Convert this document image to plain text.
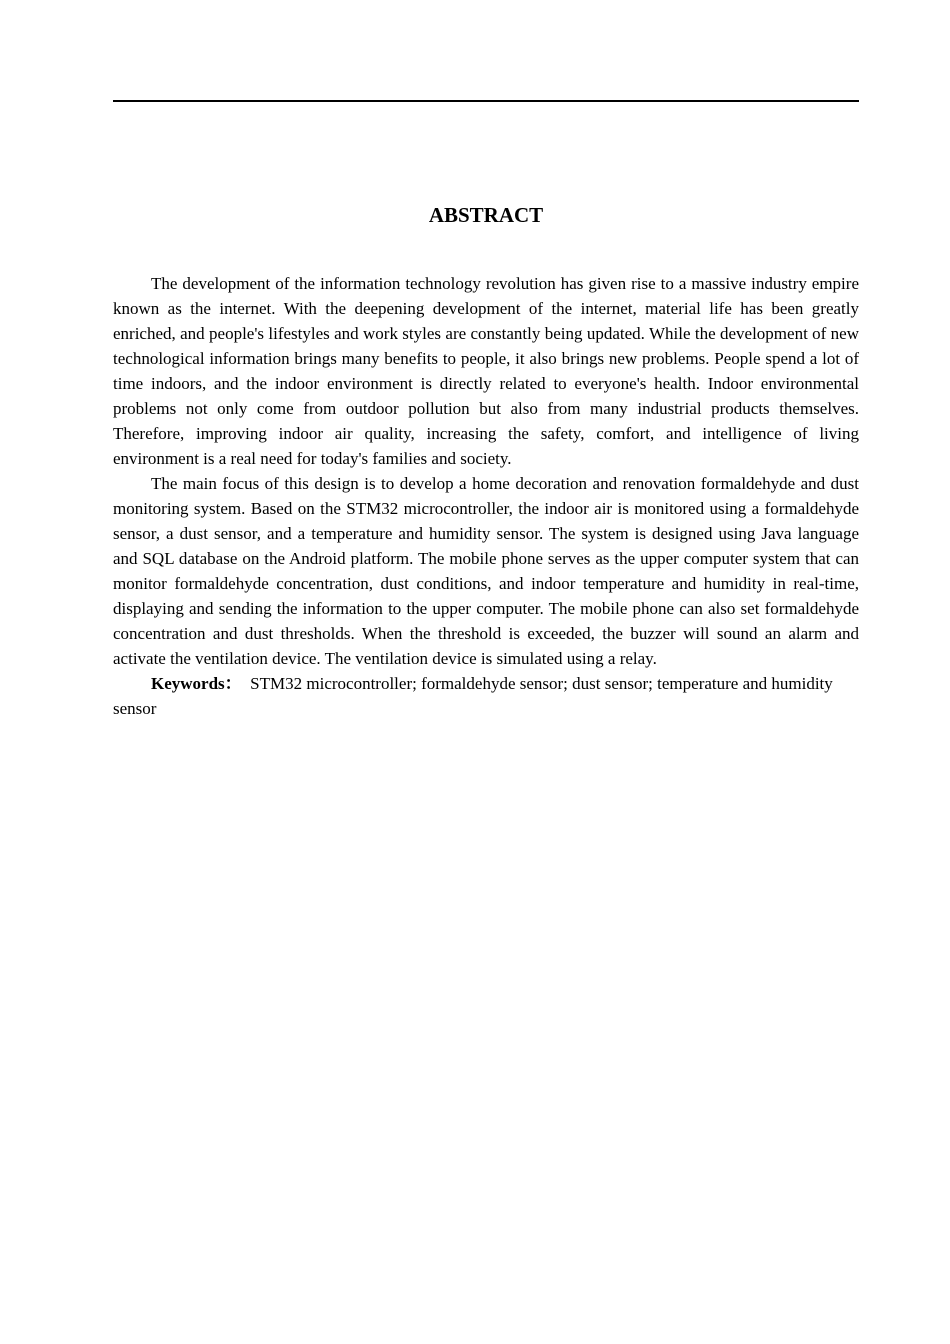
ABSTRACT

The development of the information technology revolution has given rise to a massive industry empire known as the internet. With the deepening development of the internet, material life has been greatly enriched, and people's lifestyles and work styles are constantly being updated. While the development of new technological information brings many benefits to people, it also brings new problems. People spend a lot of time indoors, and the indoor environment is directly related to everyone's health. Indoor environmental problems not only come from outdoor pollution but also from many industrial products themselves. Therefore, improving indoor air quality, increasing the safety, comfort, and intelligence of living environment is a real need for today's families and society.

The main focus of this design is to develop a home decoration and renovation formaldehyde and dust monitoring system. Based on the STM32 microcontroller, the indoor air is monitored using a formaldehyde sensor, a dust sensor, and a temperature and humidity sensor. The system is designed using Java language and SQL database on the Android platform. The mobile phone serves as the upper computer system that can monitor formaldehyde concentration, dust conditions, and indoor temperature and humidity in real-time, displaying and sending the information to the upper computer. The mobile phone can also set formaldehyde concentration and dust thresholds. When the threshold is exceeded, the buzzer will sound an alarm and activate the ventilation device. The ventilation device is simulated using a relay.

Keywords： STM32 microcontroller; formaldehyde sensor; dust sensor; temperature and humidity sensor
